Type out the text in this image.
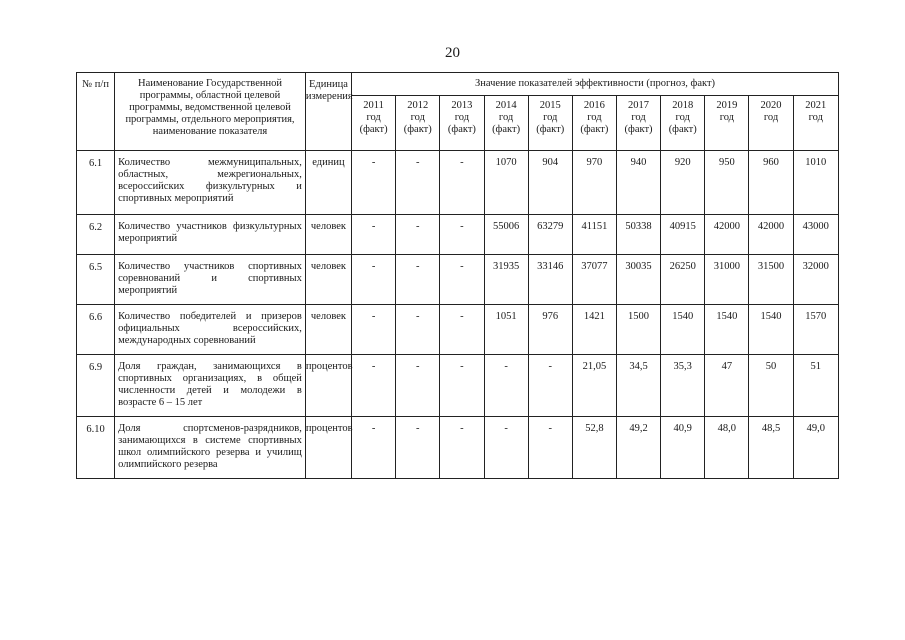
20
№ п/п	Наименование Государственной программы, областной целевой программы, ведомственной целевой программы, отдельного мероприятия, наименование показателя	Единица измерения	Значение показателей эффективности (прогноз, факт)										

			2011
год
(факт)	2012
год
(факт)	2013
год
(факт)	2014
год
(факт)	2015
год
(факт)	2016
год
(факт)	2017
год
(факт)	2018
год
(факт)	2019
год	2020
год	2021
год

6.1	Количество межмуниципальных, областных, межрегиональных, всероссийских физкультурных и спортивных мероприятий	единиц	-	-	-	1070	904	970	940	920	950	960	1010
6.2	Количество участников физкультурных мероприятий	человек	-	-	-	55006	63279	41151	50338	40915	42000	42000	43000
6.5	Количество участников спортивных соревнований и спортивных мероприятий	человек	-	-	-	31935	33146	37077	30035	26250	31000	31500	32000
6.6	Количество победителей и призеров официальных всероссийских, международных соревнований	человек	-	-	-	1051	976	1421	1500	1540	1540	1540	1570
6.9	Доля граждан, занимающихся в спортивных организациях, в общей численности детей и молодежи в возрасте 6 – 15 лет	процентов	-	-	-	-	-	21,05	34,5	35,3	47	50	51
6.10	Доля спортсменов-разрядников, занимающихся в системе спортивных школ олимпийского резерва и училищ олимпийского резерва	процентов	-	-	-	-	-	52,8	49,2	40,9	48,0	48,5	49,0
